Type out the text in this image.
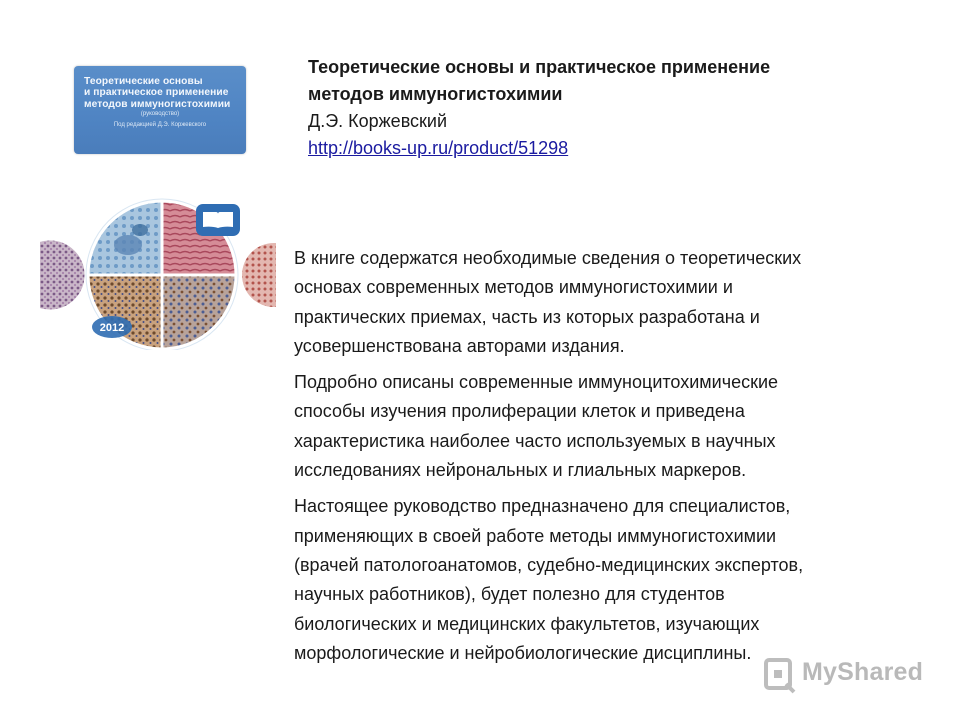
Теоретические основы
и практическое применение
методов иммуногистохимии
(руководство)
Под редакцией Д.Э. Коржевского
2012
Теоретические основы и практическое применение
методов иммуногистохимии
Д.Э. Коржевский
http://books-up.ru/product/51298

В книге содержатся необходимые сведения о теоретических
основах современных методов иммуногистохимии и
практических приемах, часть из которых разработана и
усовершенствована авторами издания.

Подробно описаны современные иммуноцитохимические
способы изучения пролиферации клеток и приведена
характеристика наиболее часто используемых в научных
исследованиях нейрональных и глиальных маркеров.

Настоящее руководство предназначено для специалистов,
применяющих в своей работе методы иммуногистохимии
(врачей патологоанатомов, судебно-медицинских экспертов,
научных работников), будет полезно для студентов
биологических и медицинских факультетов, изучающих
морфологические и нейробиологические дисциплины.

MyShared
